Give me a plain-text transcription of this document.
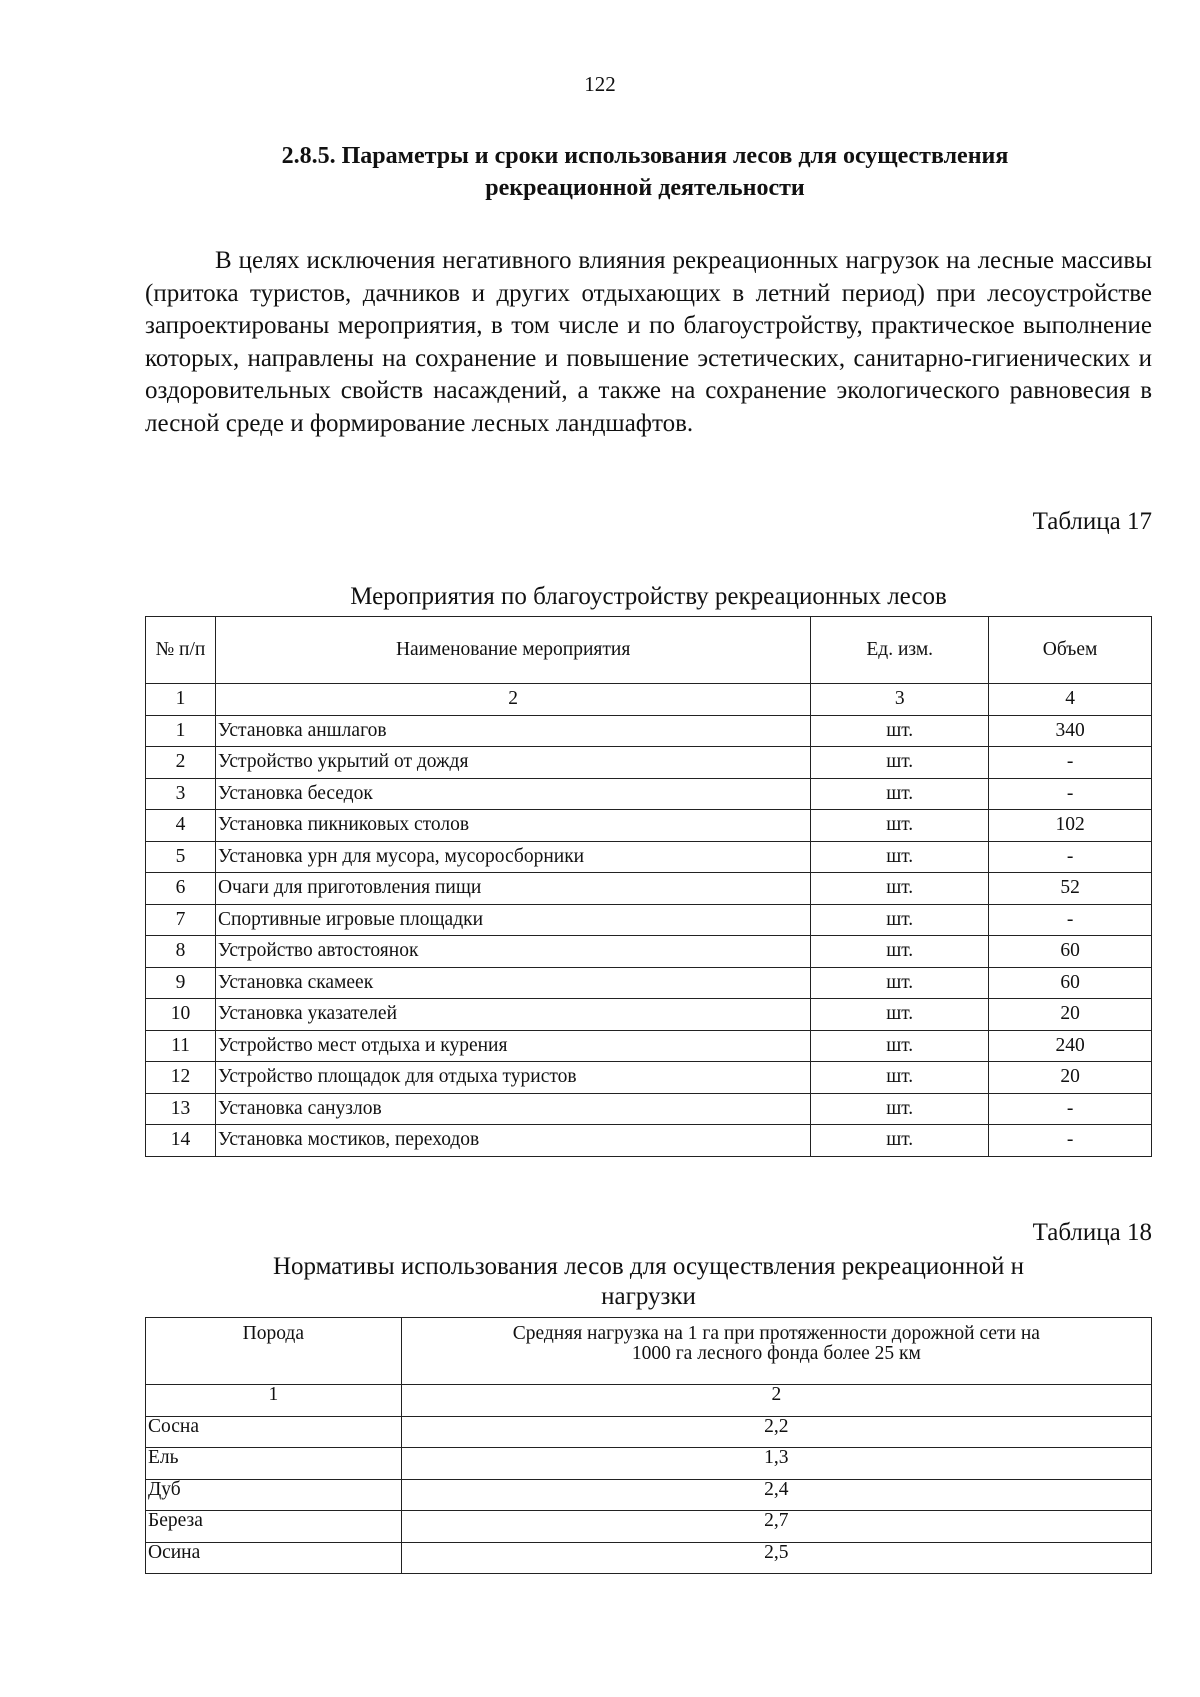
122
2.8.5. Параметры и сроки использования лесов для осуществления
рекреационной деятельности

В целях исключения негативного влияния рекреационных нагрузок на лесные массивы (притока туристов, дачников и других отдыхающих в летний период) при лесоустройстве запроектированы мероприятия, в том числе и по благоустройству, практическое выполнение которых, направлены на сохранение и повышение эстетических, санитарно-гигиенических и оздоровительных свойств насаждений, а также на сохранение экологического равновесия в лесной среде и формирование лесных ландшафтов.

Таблица 17
Мероприятия по благоустройству рекреационных лесов
№ п/п	Наименование мероприятия	Ед. изм.	Объем
1	2	3	4
1	Установка аншлагов	шт.	340
2	Устройство укрытий от дождя	шт.	-
3	Установка беседок	шт.	-
4	Установка пикниковых столов	шт.	102
5	Установка урн для мусора, мусоросборники	шт.	-
6	Очаги для приготовления пищи	шт.	52
7	Спортивные игровые площадки	шт.	-
8	Устройство автостоянок	шт.	60
9	Установка скамеек	шт.	60
10	Установка указателей	шт.	20
11	Устройство мест отдыха и курения	шт.	240
12	Устройство площадок для отдыха туристов	шт.	20
13	Установка санузлов	шт.	-
14	Установка мостиков, переходов	шт.	-
Таблица 18
Нормативы использования лесов для осуществления рекреационной н
нагрузки
Порода	Средняя нагрузка на 1 га при протяженности дорожной сети на 1000 га лесного фонда более 25 км
1	2
Сосна	2,2
Ель	1,3
Дуб	2,4
Береза	2,7
Осина	2,5
